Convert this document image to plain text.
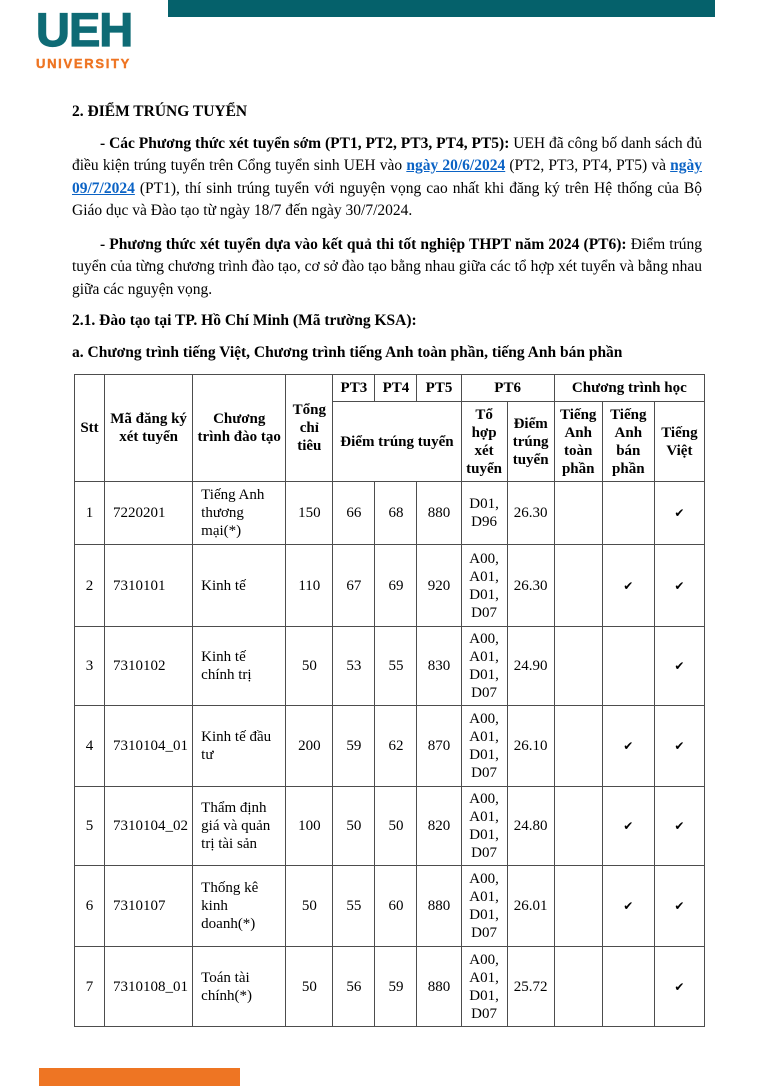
UEH
UNIVERSITY
2. ĐIỂM TRÚNG TUYỂN

- Các Phương thức xét tuyển sớm (PT1, PT2, PT3, PT4, PT5): UEH đã công bố danh sách đủ điều kiện trúng tuyển trên Cổng tuyển sinh UEH vào ngày 20/6/2024 (PT2, PT3, PT4, PT5) và ngày 09/7/2024 (PT1), thí sinh trúng tuyển với nguyện vọng cao nhất khi đăng ký trên Hệ thống của Bộ Giáo dục và Đào tạo từ ngày 18/7 đến ngày 30/7/2024.

- Phương thức xét tuyển dựa vào kết quả thi tốt nghiệp THPT năm 2024 (PT6): Điểm trúng tuyển của từng chương trình đào tạo, cơ sở đào tạo bằng nhau giữa các tổ hợp xét tuyển và bằng nhau giữa các nguyện vọng.

2.1. Đào tạo tại TP. Hồ Chí Minh (Mã trường KSA):
a. Chương trình tiếng Việt, Chương trình tiếng Anh toàn phần, tiếng Anh bán phần
Stt	Mã đăng ký xét tuyển	Chương trình đào tạo	Tổng chỉ tiêu	PT3	PT4	PT5	PT6		Chương trình học		
				Điểm trúng tuyển			Tổ hợp xét tuyển	Điểm trúng tuyển	Tiếng Anh toàn phần	Tiếng Anh bán phần	Tiếng Việt
1	7220201	Tiếng Anh thương mại(*)	150	66	68	880	D01, D96	26.30			✔
2	7310101	Kinh tế	110	67	69	920	A00, A01, D01, D07	26.30		✔	✔
3	7310102	Kinh tế chính trị	50	53	55	830	A00, A01, D01, D07	24.90			✔
4	7310104_01	Kinh tế đầu tư	200	59	62	870	A00, A01, D01, D07	26.10		✔	✔
5	7310104_02	Thẩm định giá và quản trị tài sản	100	50	50	820	A00, A01, D01, D07	24.80		✔	✔
6	7310107	Thống kê kinh doanh(*)	50	55	60	880	A00, A01, D01, D07	26.01		✔	✔
7	7310108_01	Toán tài chính(*)	50	56	59	880	A00, A01, D01, D07	25.72			✔
